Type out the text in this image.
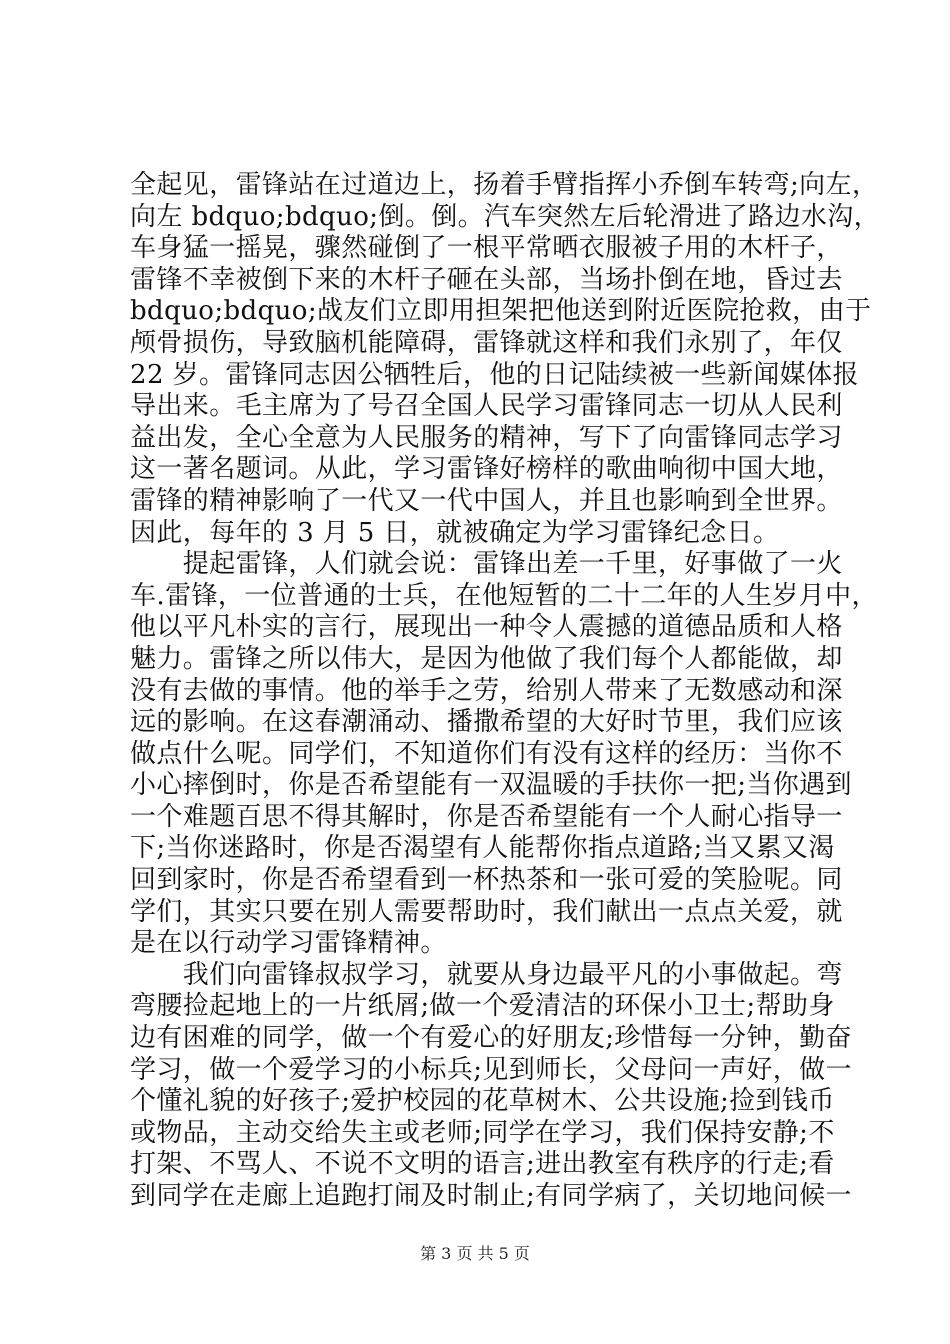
全起见，雷锋站在过道边上，扬着手臂指挥小乔倒车转弯;向左，
向左 bdquo;bdquo;倒。倒。汽车突然左后轮滑进了路边水沟，
车身猛一摇晃，骤然碰倒了一根平常晒衣服被子用的木杆子，
雷锋不幸被倒下来的木杆子砸在头部，当场扑倒在地，昏过去
bdquo;bdquo;战友们立即用担架把他送到附近医院抢救，由于
颅骨损伤，导致脑机能障碍，雷锋就这样和我们永别了，年仅
22 岁。雷锋同志因公牺牲后，他的日记陆续被一些新闻媒体报
导出来。毛主席为了号召全国人民学习雷锋同志一切从人民利
益出发，全心全意为人民服务的精神，写下了向雷锋同志学习
这一著名题词。从此，学习雷锋好榜样的歌曲响彻中国大地，
雷锋的精神影响了一代又一代中国人，并且也影响到全世界。
因此，每年的 3 月 5 日，就被确定为学习雷锋纪念日。
　　提起雷锋，人们就会说：雷锋出差一千里，好事做了一火
车.雷锋，一位普通的士兵，在他短暂的二十二年的人生岁月中，
他以平凡朴实的言行，展现出一种令人震撼的道德品质和人格
魅力。雷锋之所以伟大，是因为他做了我们每个人都能做，却
没有去做的事情。他的举手之劳，给别人带来了无数感动和深
远的影响。在这春潮涌动、播撒希望的大好时节里，我们应该
做点什么呢。同学们，不知道你们有没有这样的经历：当你不
小心摔倒时，你是否希望能有一双温暖的手扶你一把;当你遇到
一个难题百思不得其解时，你是否希望能有一个人耐心指导一
下;当你迷路时，你是否渴望有人能帮你指点道路;当又累又渴
回到家时，你是否希望看到一杯热茶和一张可爱的笑脸呢。同
学们，其实只要在别人需要帮助时，我们献出一点点关爱，就
是在以行动学习雷锋精神。
　　我们向雷锋叔叔学习，就要从身边最平凡的小事做起。弯
弯腰捡起地上的一片纸屑;做一个爱清洁的环保小卫士;帮助身
边有困难的同学，做一个有爱心的好朋友;珍惜每一分钟，勤奋
学习，做一个爱学习的小标兵;见到师长，父母问一声好，做一
个懂礼貌的好孩子;爱护校园的花草树木、公共设施;捡到钱币
或物品，主动交给失主或老师;同学在学习，我们保持安静;不
打架、不骂人、不说不文明的语言;进出教室有秩序的行走;看
到同学在走廊上追跑打闹及时制止;有同学病了，关切地问候一
第 3 页 共 5 页
